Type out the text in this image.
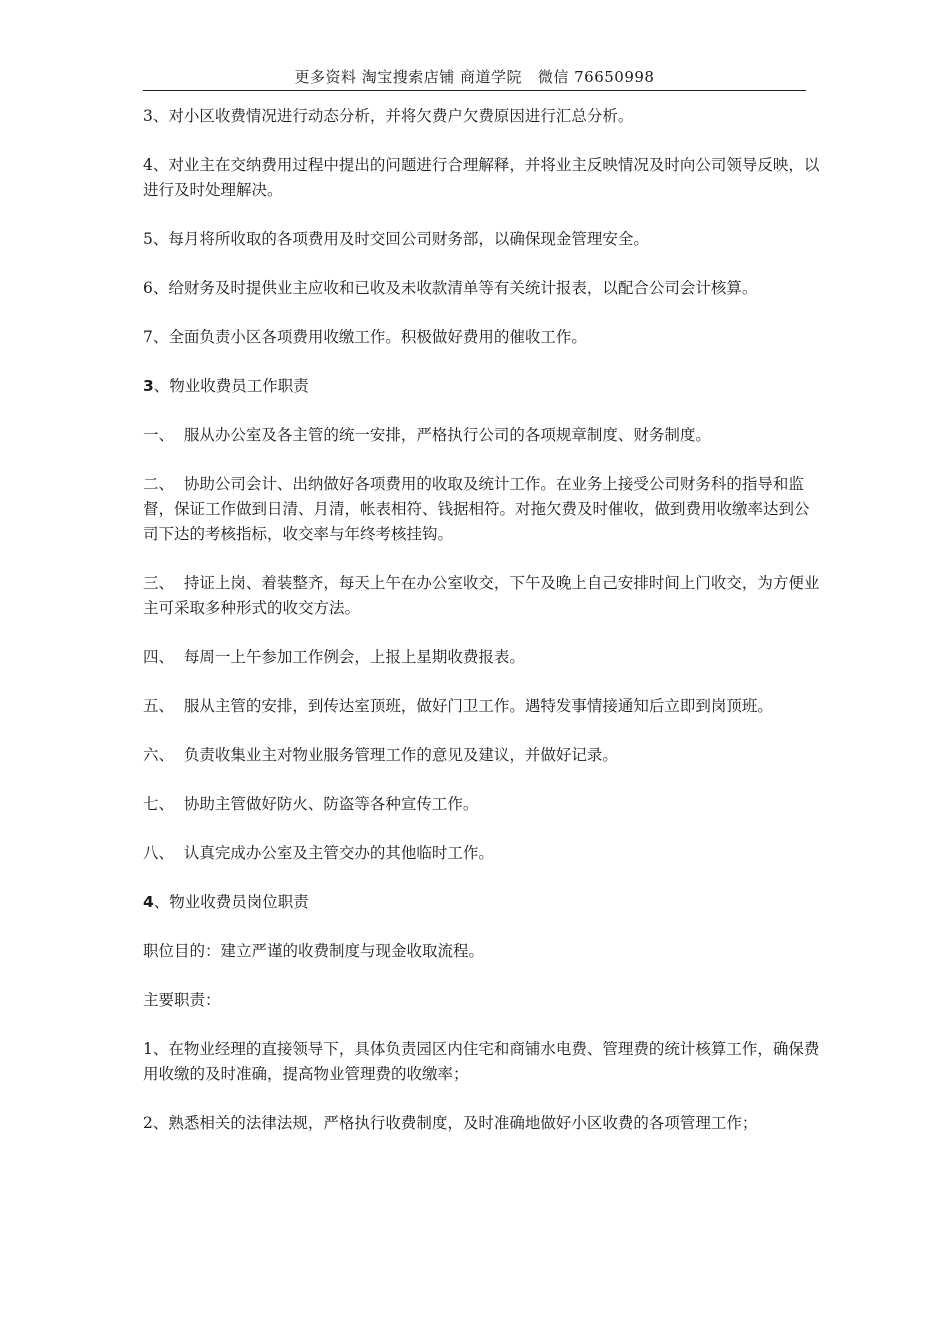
更多资料 淘宝搜索店铺 商道学院   微信 76650998

3、对小区收费情况进行动态分析，并将欠费户欠费原因进行汇总分析。

4、对业主在交纳费用过程中提出的问题进行合理解释，并将业主反映情况及时向公司领导反映，以进行及时处理解决。

5、每月将所收取的各项费用及时交回公司财务部，以确保现金管理安全。

6、给财务及时提供业主应收和已收及未收款清单等有关统计报表，以配合公司会计核算。

7、全面负责小区各项费用收缴工作。积极做好费用的催收工作。

3、物业收费员工作职责

一、  服从办公室及各主管的统一安排，严格执行公司的各项规章制度、财务制度。

二、  协助公司会计、出纳做好各项费用的收取及统计工作。在业务上接受公司财务科的指导和监督，保证工作做到日清、月清，帐表相符、钱据相符。对拖欠费及时催收，做到费用收缴率达到公司下达的考核指标，收交率与年终考核挂钩。

三、  持证上岗、着装整齐，每天上午在办公室收交，下午及晚上自己安排时间上门收交，为方便业主可采取多种形式的收交方法。

四、  每周一上午参加工作例会，上报上星期收费报表。

五、  服从主管的安排，到传达室顶班，做好门卫工作。遇特发事情接通知后立即到岗顶班。

六、  负责收集业主对物业服务管理工作的意见及建议，并做好记录。

七、  协助主管做好防火、防盗等各种宣传工作。

八、  认真完成办公室及主管交办的其他临时工作。

4、物业收费员岗位职责

职位目的：建立严谨的收费制度与现金收取流程。

主要职责：

1、在物业经理的直接领导下，具体负责园区内住宅和商铺水电费、管理费的统计核算工作，确保费用收缴的及时准确，提高物业管理费的收缴率；

2、熟悉相关的法律法规，严格执行收费制度，及时准确地做好小区收费的各项管理工作；
